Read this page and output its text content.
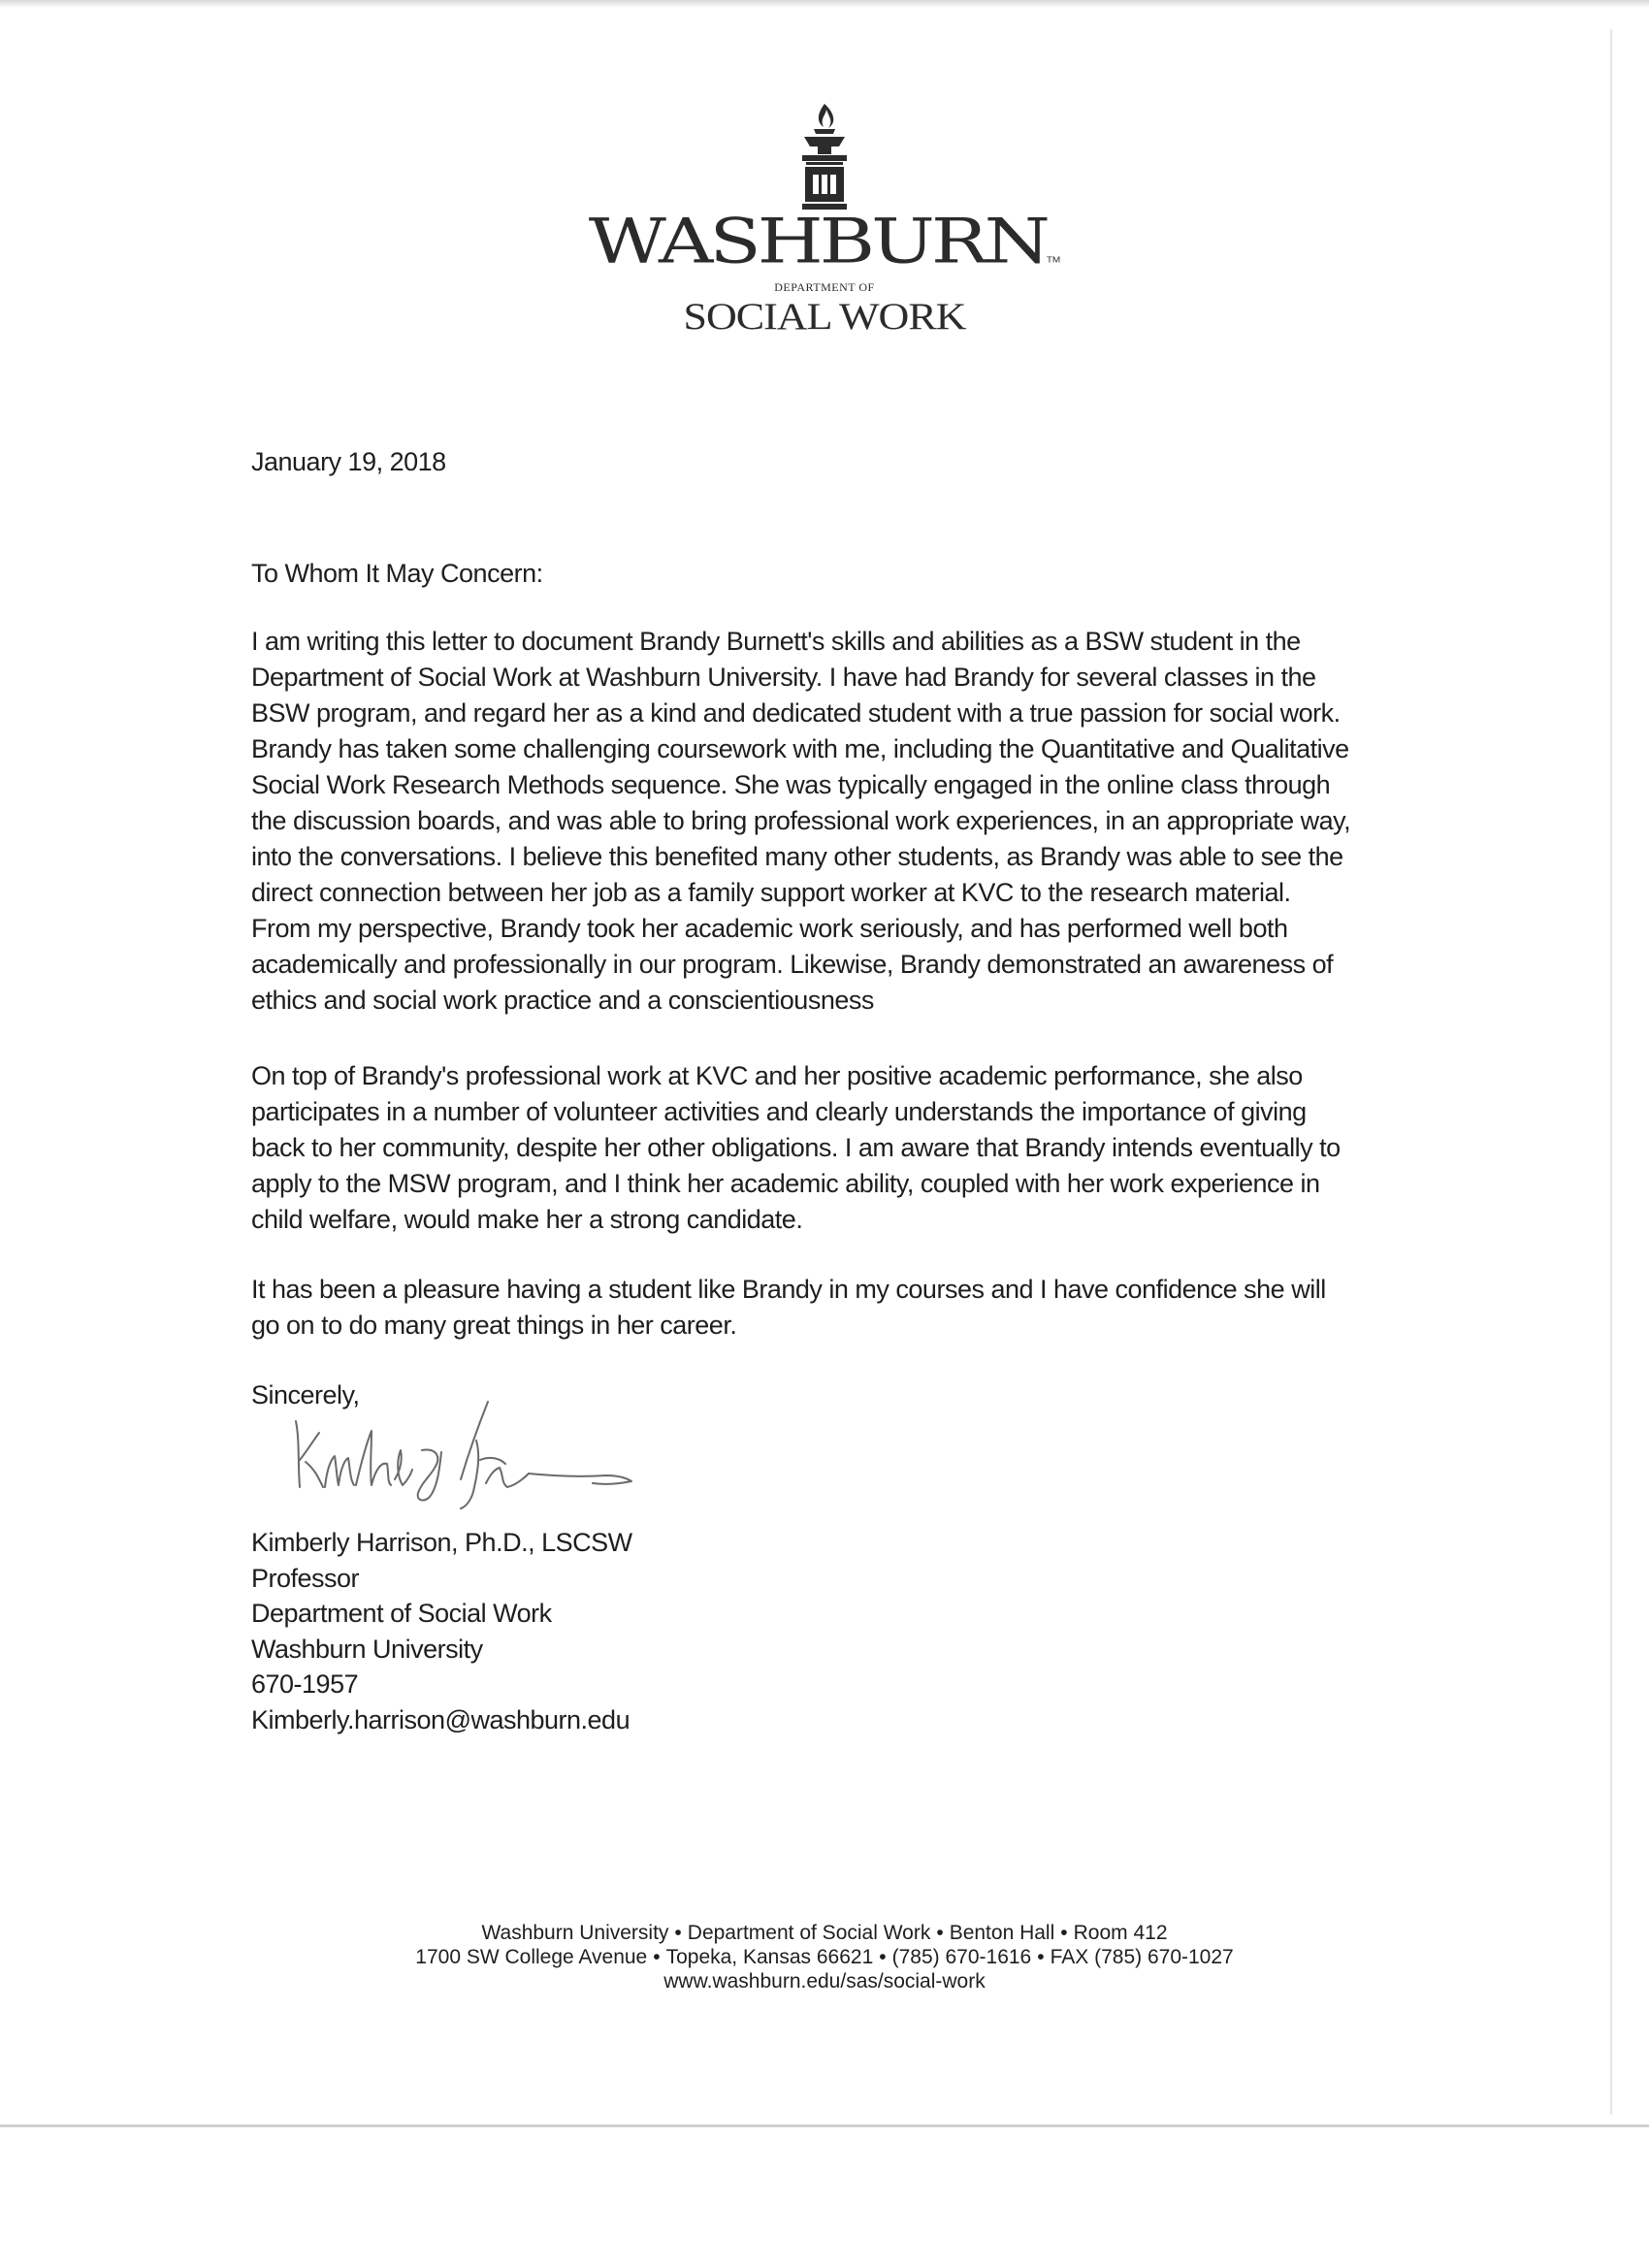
WASHBURNTM
DEPARTMENT OF
SOCIAL WORK

January 19, 2018

To Whom It May Concern:

I am writing this letter to document Brandy Burnett's skills and abilities as a BSW student in the
Department of Social Work at Washburn University. I have had Brandy for several classes in the
BSW program, and regard her as a kind and dedicated student with a true passion for social work.
Brandy has taken some challenging coursework with me, including the Quantitative and Qualitative
Social Work Research Methods sequence. She was typically engaged in the online class through
the discussion boards, and was able to bring professional work experiences, in an appropriate way,
into the conversations. I believe this benefited many other students, as Brandy was able to see the
direct connection between her job as a family support worker at KVC to the research material.
From my perspective, Brandy took her academic work seriously, and has performed well both
academically and professionally in our program. Likewise, Brandy demonstrated an awareness of
ethics and social work practice and a conscientiousness

On top of Brandy's professional work at KVC and her positive academic performance, she also
participates in a number of volunteer activities and clearly understands the importance of giving
back to her community, despite her other obligations. I am aware that Brandy intends eventually to
apply to the MSW program, and I think her academic ability, coupled with her work experience in
child welfare, would make her a strong candidate.

It has been a pleasure having a student like Brandy in my courses and I have confidence she will
go on to do many great things in her career.

Sincerely,

Kimberly Harrison, Ph.D., LSCSW
Professor
Department of Social Work
Washburn University
670-1957
Kimberly.harrison@washburn.edu
Washburn University • Department of Social Work • Benton Hall • Room 412
1700 SW College Avenue • Topeka, Kansas 66621 • (785) 670-1616 • FAX (785) 670-1027
www.washburn.edu/sas/social-work
